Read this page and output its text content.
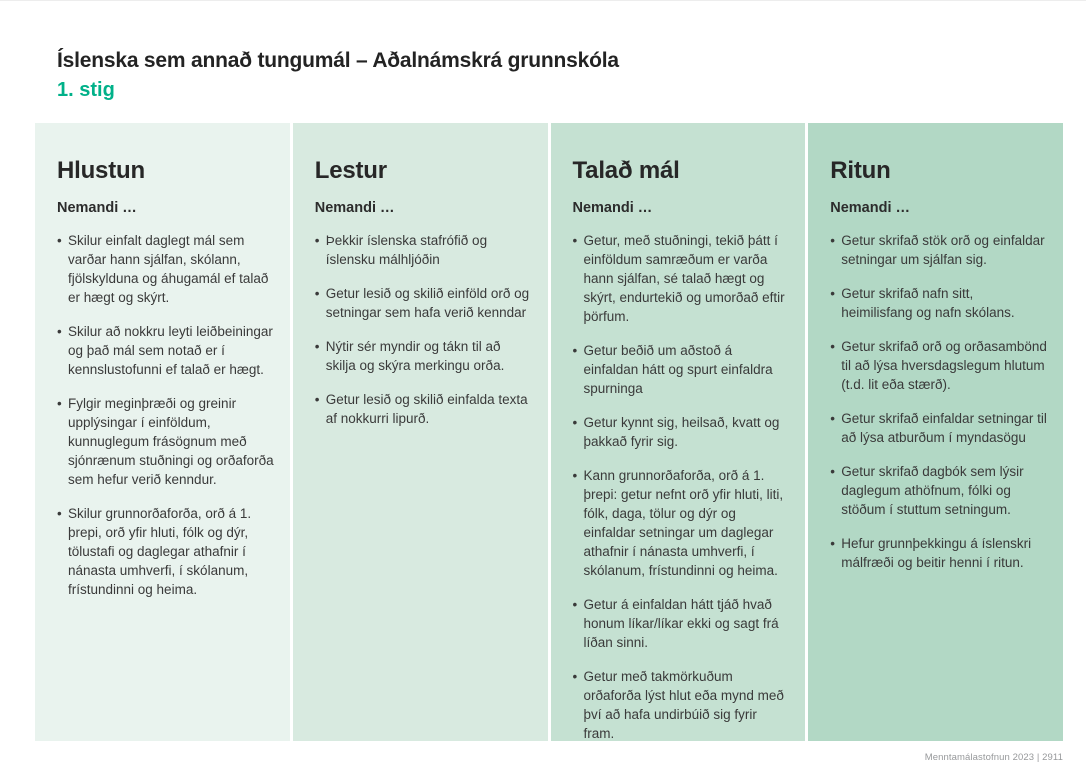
Íslenska sem annað tungumál – Aðalnámskrá grunnskóla
1. stig
Hlustun
Nemandi …
• Skilur einfalt daglegt mál sem varðar hann sjálfan, skólann, fjölskylduna og áhugamál ef talað er hægt og skýrt.
• Skilur að nokkru leyti leiðbeiningar og það mál sem notað er í kennslustofunni ef talað er hægt.
• Fylgir meginþræði og greinir upplýsingar í einföldum, kunnuglegum frásögnum með sjónrænum stuðningi og orðaforða sem hefur verið kenndur.
• Skilur grunnorðaforða, orð á 1. þrepi, orð yfir hluti, fólk og dýr, tölustafi og daglegar athafnir í nánasta umhverfi, í skólanum, frístundinni og heima.
Lestur
Nemandi …
• Þekkir íslenska stafrófið og íslensku málhljóðin
• Getur lesið og skilið einföld orð og setningar sem hafa verið kenndar
• Nýtir sér myndir og tákn til að skilja og skýra merkingu orða.
• Getur lesið og skilið einfalda texta af nokkurri lipurð.
Talað mál
Nemandi …
• Getur, með stuðningi, tekið þátt í einföldum samræðum er varða hann sjálfan, sé talað hægt og skýrt, endurtekið og umorðað eftir þörfum.
• Getur beðið um aðstoð á einfaldan hátt og spurt einfaldra spurninga
• Getur kynnt sig, heilsað, kvatt og þakkað fyrir sig.
• Kann grunnorðaforða, orð á 1. þrepi: getur nefnt orð yfir hluti, liti, fólk, daga, tölur og dýr og einfaldar setningar um daglegar athafnir í nánasta umhverfi, í skólanum, frístundinni og heima.
• Getur á einfaldan hátt tjáð hvað honum líkar/líkar ekki og sagt frá líðan sinni.
• Getur með takmörkuðum orðaforða lýst hlut eða mynd með því að hafa undirbúið sig fyrir fram.
Ritun
Nemandi …
• Getur skrifað stök orð og einfaldar setningar um sjálfan sig.
• Getur skrifað nafn sitt, heimilisfang og nafn skólans.
• Getur skrifað orð og orðasambönd til að lýsa hversdagslegum hlutum (t.d. lit eða stærð).
• Getur skrifað einfaldar setningar til að lýsa atburðum í myndasögu
• Getur skrifað dagbók sem lýsir daglegum athöfnum, fólki og stöðum í stuttum setningum.
• Hefur grunnþekkingu á íslenskri málfræði og beitir henni í ritun.
Menntamálastofnun 2023 | 2911
